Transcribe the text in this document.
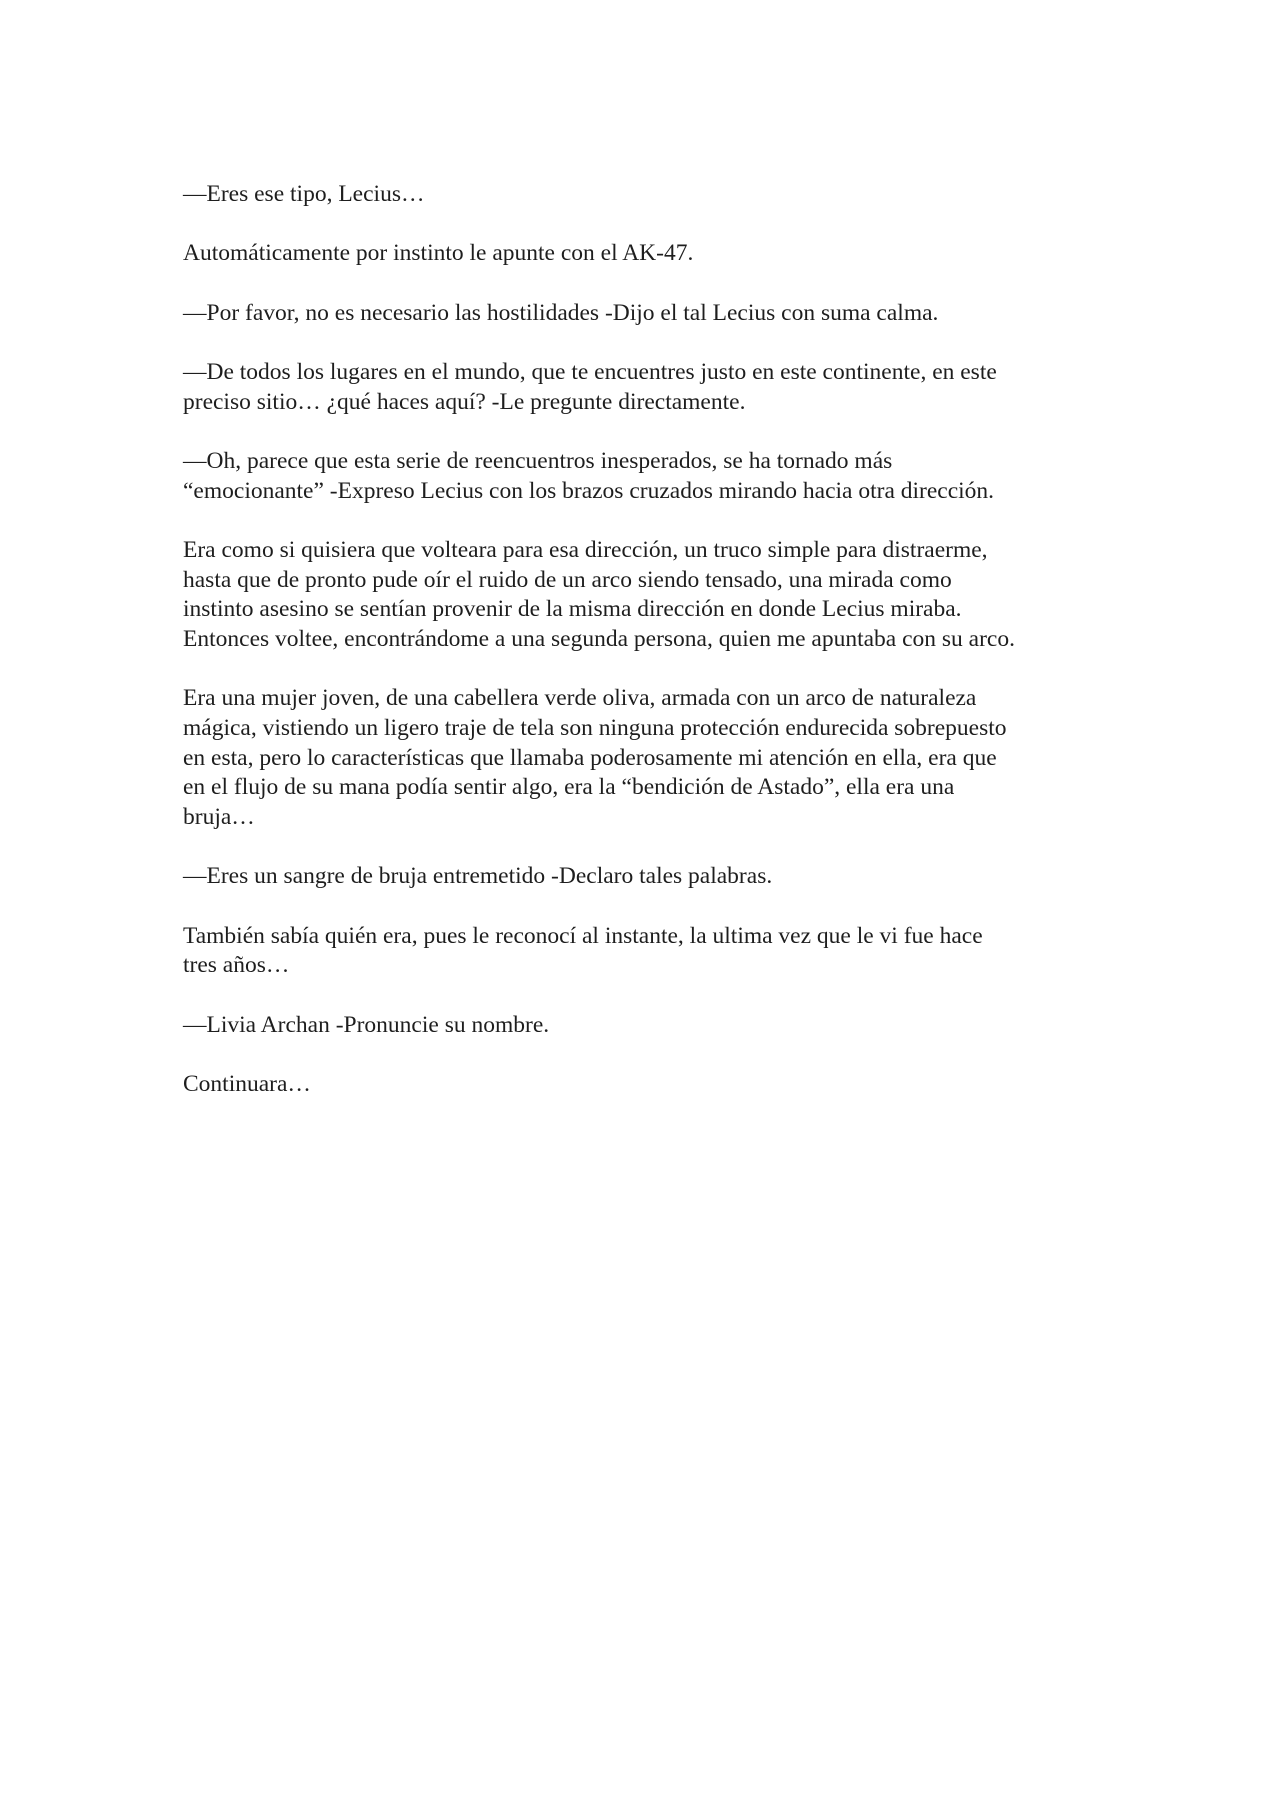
—Eres ese tipo, Lecius…

Automáticamente por instinto le apunte con el AK-47.

—Por favor, no es necesario las hostilidades -Dijo el tal Lecius con suma calma.

—De todos los lugares en el mundo, que te encuentres justo en este continente, en este
preciso sitio… ¿qué haces aquí? -Le pregunte directamente.

—Oh, parece que esta serie de reencuentros inesperados, se ha tornado más
“emocionante” -Expreso Lecius con los brazos cruzados mirando hacia otra dirección.

Era como si quisiera que volteara para esa dirección, un truco simple para distraerme,
hasta que de pronto pude oír el ruido de un arco siendo tensado, una mirada como
instinto asesino se sentían provenir de la misma dirección en donde Lecius miraba.
Entonces voltee, encontrándome a una segunda persona, quien me apuntaba con su arco.

Era una mujer joven, de una cabellera verde oliva, armada con un arco de naturaleza
mágica, vistiendo un ligero traje de tela son ninguna protección endurecida sobrepuesto
en esta, pero lo características que llamaba poderosamente mi atención en ella, era que
en el flujo de su mana podía sentir algo, era la “bendición de Astado”, ella era una
bruja…

—Eres un sangre de bruja entremetido -Declaro tales palabras.

También sabía quién era, pues le reconocí al instante, la ultima vez que le vi fue hace
tres años…

—Livia Archan -Pronuncie su nombre.

Continuara…
